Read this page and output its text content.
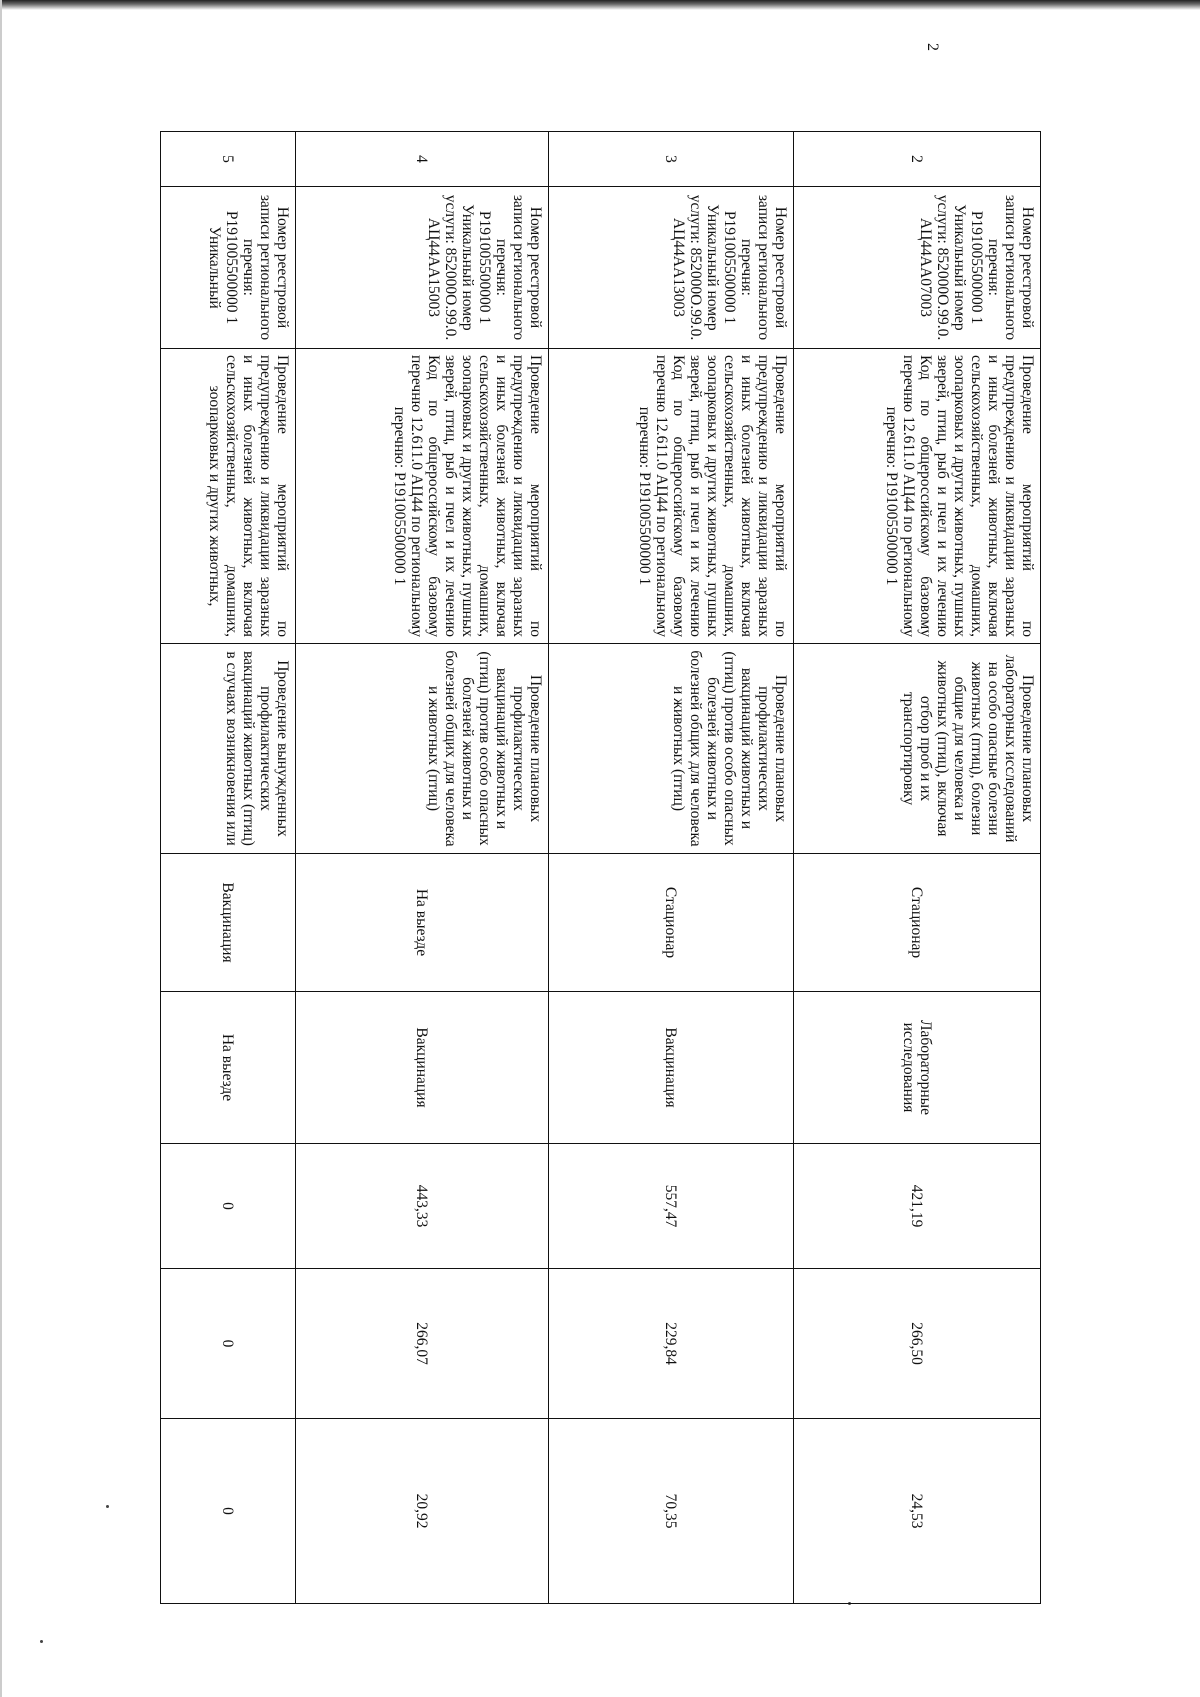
2
2	Номер реестровой записи регионального перечня: Р191005500000 1 Уникальный номер услуги: 852000О.99.0. АЦ44АА07003	Проведение мероприятий по предупреждению и ликвидации заразных и иных болезней животных, включая сельскохозяйственных, домашних, зоопарковых и других животных, пушных зверей, птиц, рыб и пчел и их лечению Код по общероссийскому базовому перечню 12.611.0 АЦ44 по региональному перечню: Р191005500000 1	Проведение плановых лабораторных исследований на особо опасные болезни животных (птиц), болезни общие для человека и животных (птиц), включая отбор проб и их транспортировку	Стационар	Лабораторные исследования	421,19	266,50	24,53
3	Номер реестровой записи регионального перечня: Р191005500000 1 Уникальный номер услуги: 852000О.99.0. АЦ44АА13003	Проведение мероприятий по предупреждению и ликвидации заразных и иных болезней животных, включая сельскохозяйственных, домашних, зоопарковых и других животных, пушных зверей, птиц, рыб и пчел и их лечению Код по общероссийскому базовому перечню 12.611.0 АЦ44 по региональному перечню: Р191005500000 1	Проведение плановых профилактических вакцинаций животных и (птиц) против особо опасных болезней животных и болезней общих для человека и животных (птиц)	Стационар	Вакцинация	557,47	229,84	70,35
4	Номер реестровой записи регионального перечня: Р191005500000 1 Уникальный номер услуги: 852000О.99.0. АЦ44АА15003	Проведение мероприятий по предупреждению и ликвидации заразных и иных болезней животных, включая сельскохозяйственных, домашних, зоопарковых и других животных, пушных зверей, птиц, рыб и пчел и их лечению Код по общероссийскому базовому перечню 12.611.0 АЦ44 по региональному перечню: Р191005500000 1	Проведение плановых профилактических вакцинаций животных и (птиц) против особо опасных болезней животных и болезней общих для человека и животных (птиц)	На выезде	Вакцинация	443,33	266,07	20,92
5	Номер реестровой записи регионального перечня: Р191005500000 1 Уникальный	Проведение мероприятий по предупреждению и ликвидации заразных и иных болезней животных, включая сельскохозяйственных, домашних, зоопарковых и других животных,	Проведение вынужденных профилактических вакцинаций животных (птиц) в случаях возникновения или	Вакцинация	На выезде	0	0	0
